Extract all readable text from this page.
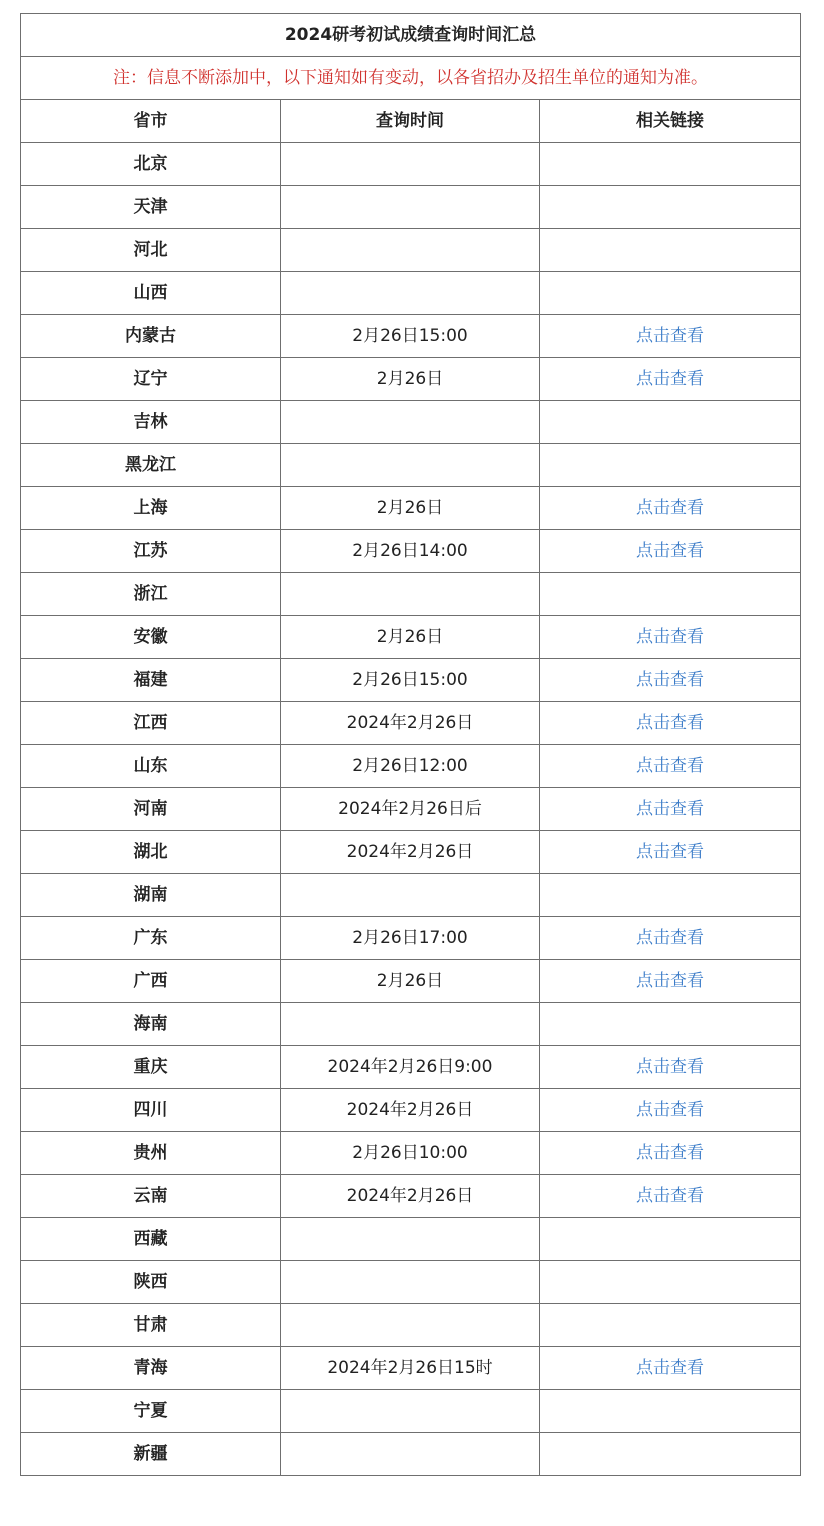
2024研考初试成绩查询时间汇总		
注：信息不断添加中，以下通知如有变动，以各省招办及招生单位的通知为准。		
省市	查询时间	相关链接
北京		
天津		
河北		
山西		
内蒙古	2月26日15:00	点击查看
辽宁	2月26日	点击查看
吉林		
黑龙江		
上海	2月26日	点击查看
江苏	2月26日14:00	点击查看
浙江		
安徽	2月26日	点击查看
福建	2月26日15:00	点击查看
江西	2024年2月26日	点击查看
山东	2月26日12:00	点击查看
河南	2024年2月26日后	点击查看
湖北	2024年2月26日	点击查看
湖南		
广东	2月26日17:00	点击查看
广西	2月26日	点击查看
海南		
重庆	2024年2月26日9:00	点击查看
四川	2024年2月26日	点击查看
贵州	2月26日10:00	点击查看
云南	2024年2月26日	点击查看
西藏		
陕西		
甘肃		
青海	2024年2月26日15时	点击查看
宁夏		
新疆		
